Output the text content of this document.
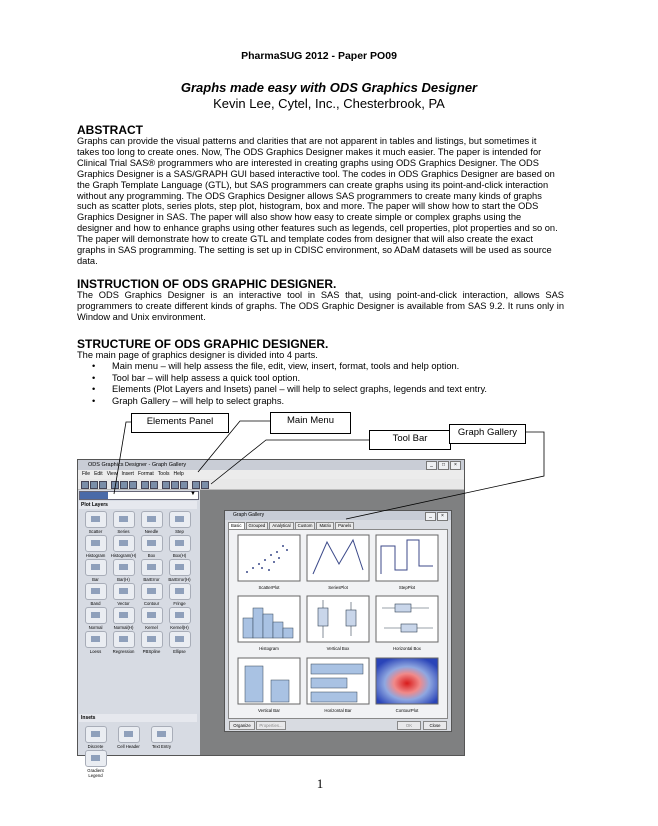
PharmaSUG 2012 - Paper PO09
Graphs made easy with ODS Graphics Designer
Kevin Lee, Cytel, Inc., Chesterbrook, PA
ABSTRACT

Graphs can provide the visual patterns and clarities that are not apparent in tables and listings, but sometimes it
takes too long to create ones. Now, The ODS Graphics Designer makes it much easier. The paper is intended for
Clinical Trial SAS® programmers who are interested in creating graphs using ODS Graphics Designer. The ODS
Graphics Designer is a SAS/GRAPH GUI based interactive tool. The codes in ODS Graphics Designer are based on
the Graph Template Language (GTL), but SAS programmers can create graphs using its point-and-click interaction
without any programming. The ODS Graphics Designer allows SAS programmers to create many kinds of graphs
such as scatter plots, series plots, step plot, histogram, box and more. The paper will show how to start the ODS
Graphics Designer in SAS. The paper will also show how easy to create simple or complex graphs using the
designer and how to enhance graphs using other features such as legends, cell properties, plot properties and so on.
The paper will demonstrate how to create GTL and template codes from designer that will also create the exact
graphs in SAS programming. The setting is set up in CDISC environment, so ADaM datasets will be used as source
data.

INSTRUCTION OF ODS GRAPHIC DESIGNER.

The ODS Graphics Designer is an interactive tool in SAS that, using point-and-click interaction, allows SAS programmers to create different kinds of graphs. The ODS Graphic Designer is available from SAS 9.2. It runs only in Window and Unix environment.

STRUCTURE OF ODS GRAPHIC DESIGNER.

The main page of graphics designer is divided into 4 parts.

• Main menu – will help assess the file, edit, view, insert, format, tools and help option.
• Tool bar – will help assess a quick tool option.
• Elements (Plot Layers and Insets) panel – will help to select graphs, legends and text entry.
• Graph Gallery – will help to select graphs.
ODS Graphics Designer - Graph Gallery	_	□	×
File Edit View Insert Format Tools Help
▼
Plot Layers
Scatter	Series	Needle	Step
Histogram	Histogram(H)	Box	Box(H)
Bar	Bar(H)	BarError	BarError(H)
Band	Vector	Contour	Fringe
Normal	Normal(H)	Kernel	Kernel(H)
Loess	Regression	PBSpline	Ellipse
Insets
Discrete	Cell Header	Text Entry
Gradient Legend
Graph Gallery	_	×
Basic	Grouped	Analytical	Custom	Matrix	Panels
ScatterPlot	SeriesPlot	StepPlot
Histogram	Vertical Box	Horizontal Box
Vertical Bar	Horizontal Bar	ContourPlot
Organize	Properties...	OK	Close
Elements Panel	Main Menu
Tool Bar
Graph Gallery
1
